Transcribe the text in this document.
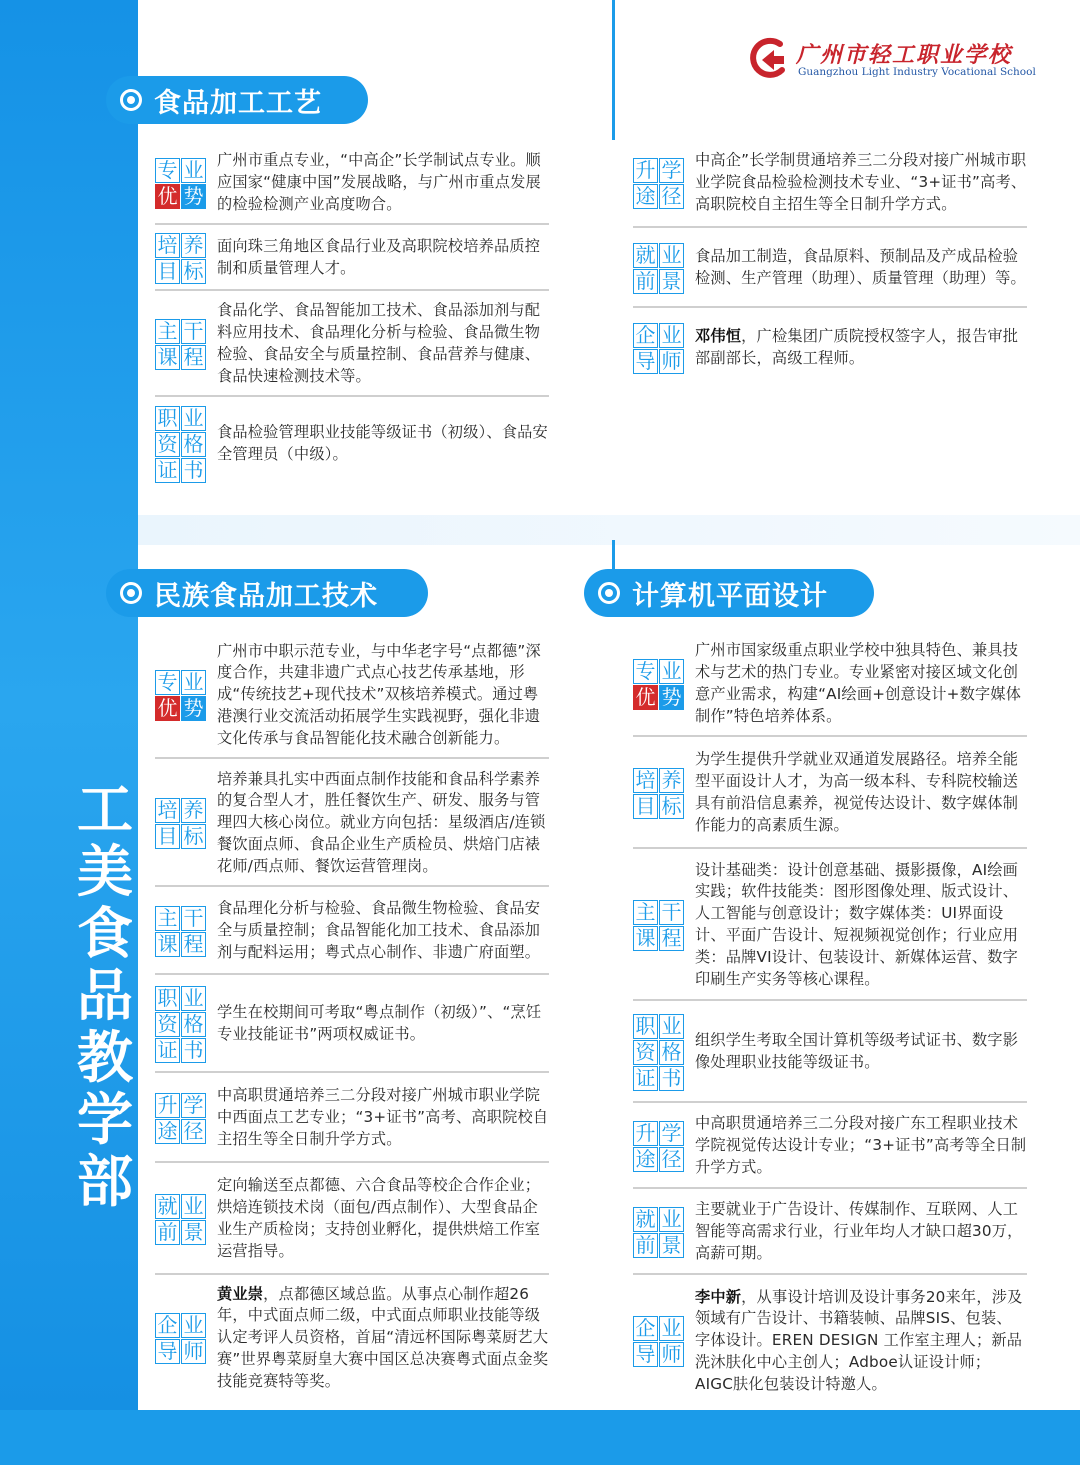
工
美
食
品
教
学
部
广州市轻工职业学校
Guangzhou Light Industry Vocational School
食品加工工艺
民族食品加工技术	计算机平面设计
专 业
优 势
广州市重点专业，“中高企”长学制试点专业。顺应国家“健康中国”发展战略，与广州市重点发展的检验检测产业高度吻合。
培 养
目 标
面向珠三角地区食品行业及高职院校培养品质控制和质量管理人才。
主 干
课 程
食品化学、食品智能加工技术、食品添加剂与配料应用技术、食品理化分析与检验、食品微生物检验、食品安全与质量控制、食品营养与健康、食品快速检测技术等。
职 业
资 格
证 书
食品检验管理职业技能等级证书（初级）、食品安全管理员（中级）。
升 学
途 径
中高企”长学制贯通培养三二分段对接广州城市职业学院食品检验检测技术专业、“3+证书”高考、高职院校自主招生等全日制升学方式。
就 业
前 景
食品加工制造，食品原料、预制品及产成品检验检测、生产管理（助理）、质量管理（助理）等。
企 业
导 师
邓伟恒，广检集团广质院授权签字人，报告审批部副部长，高级工程师。
专 业
优 势
广州市中职示范专业，与中华老字号“点都德”深度合作，共建非遗广式点心技艺传承基地，形成“传统技艺+现代技术”双核培养模式。通过粤港澳行业交流活动拓展学生实践视野，强化非遗文化传承与食品智能化技术融合创新能力。
培 养
目 标
培养兼具扎实中西面点制作技能和食品科学素养的复合型人才，胜任餐饮生产、研发、服务与管理四大核心岗位。就业方向包括：星级酒店/连锁餐饮面点师、食品企业生产质检员、烘焙门店裱花师/西点师、餐饮运营管理岗。
主 干
课 程
食品理化分析与检验、食品微生物检验、食品安全与质量控制；食品智能化加工技术、食品添加剂与配料运用；粤式点心制作、非遗广府面塑。
职 业
资 格
证 书
学生在校期间可考取“粤点制作（初级）”、“烹饪专业技能证书”两项权威证书。
升 学
途 径
中高职贯通培养三二分段对接广州城市职业学院中西面点工艺专业；“3+证书”高考、高职院校自主招生等全日制升学方式。
就 业
前 景
定向输送至点都德、六合食品等校企合作企业；烘焙连锁技术岗（面包/西点制作）、大型食品企业生产质检岗；支持创业孵化，提供烘焙工作室运营指导。
企 业
导 师
黄业崇，点都德区域总监。从事点心制作超26年，中式面点师二级，中式面点师职业技能等级认定考评人员资格，首届“清远杯国际粤菜厨艺大赛”世界粤菜厨皇大赛中国区总决赛粤式面点金奖技能竞赛特等奖。
专 业
优 势
广州市国家级重点职业学校中独具特色、兼具技术与艺术的热门专业。专业紧密对接区域文化创意产业需求，构建“AI绘画+创意设计+数字媒体制作”特色培养体系。
培 养
目 标
为学生提供升学就业双通道发展路径。培养全能型平面设计人才，为高一级本科、专科院校输送具有前沿信息素养，视觉传达设计、数字媒体制作能力的高素质生源。
主 干
课 程
设计基础类：设计创意基础、摄影摄像，AI绘画实践；软件技能类：图形图像处理、版式设计、人工智能与创意设计；数字媒体类：UI界面设计、平面广告设计、短视频视觉创作；行业应用类：品牌VI设计、包装设计、新媒体运营、数字印刷生产实务等核心课程。
职 业
资 格
证 书
组织学生考取全国计算机等级考试证书、数字影像处理职业技能等级证书。
升 学
途 径
中高职贯通培养三二分段对接广东工程职业技术学院视觉传达设计专业；“3+证书”高考等全日制升学方式。
就 业
前 景
主要就业于广告设计、传媒制作、互联网、人工智能等高需求行业，行业年均人才缺口超30万，高薪可期。
企 业
导 师
李中新，从事设计培训及设计事务20来年，涉及领域有广告设计、书籍装帧、品牌SIS、包装、字体设计。EREN DESIGN 工作室主理人；新品洗沐肤化中心主创人；Adboe认证设计师；AIGC肤化包装设计特邀人。
